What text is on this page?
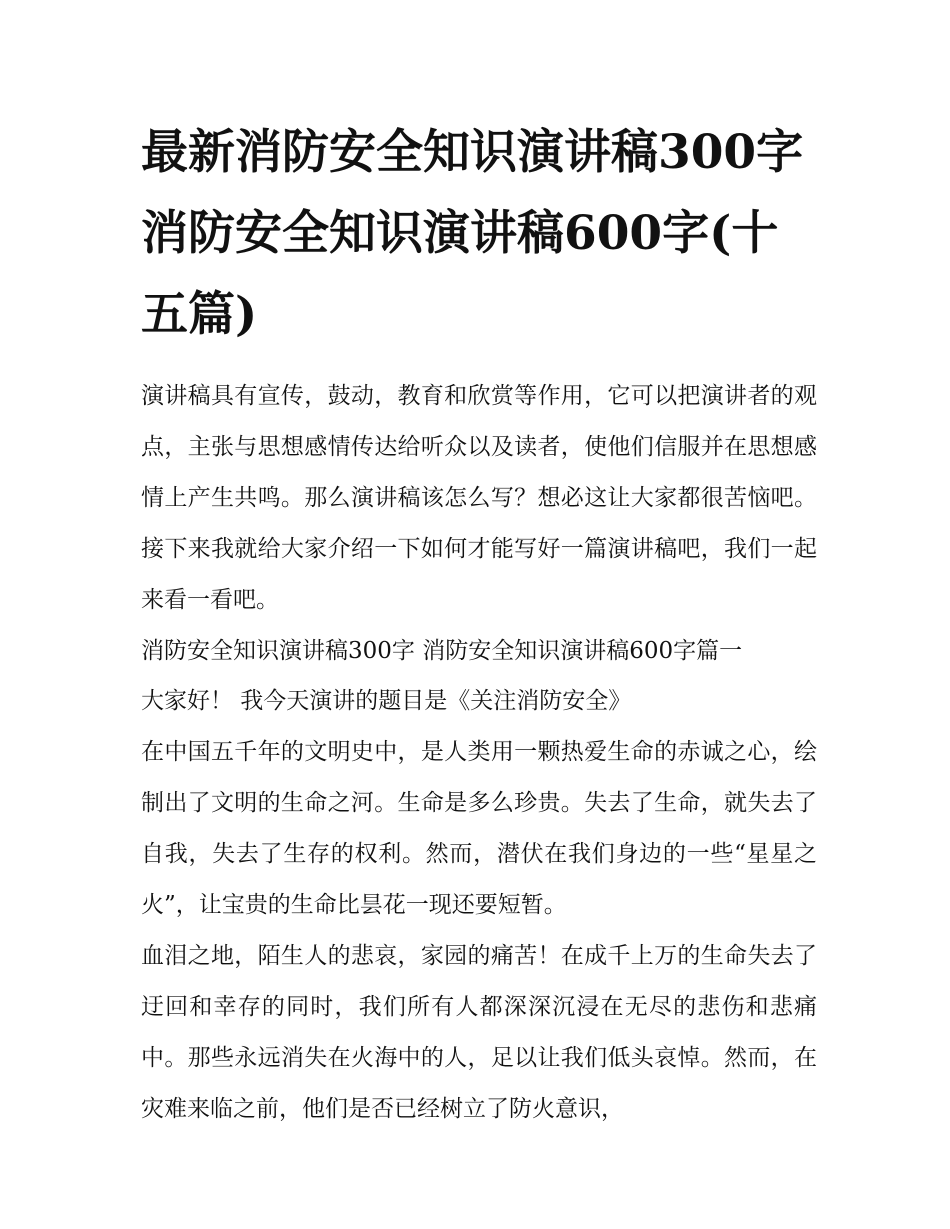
最新消防安全知识演讲稿300字 消防安全知识演讲稿600字(十五篇)

演讲稿具有宣传，鼓动，教育和欣赏等作用，它可以把演讲者的观点，主张与思想感情传达给听众以及读者，使他们信服并在思想感情上产生共鸣。那么演讲稿该怎么写？想必这让大家都很苦恼吧。接下来我就给大家介绍一下如何才能写好一篇演讲稿吧，我们一起来看一看吧。

消防安全知识演讲稿300字 消防安全知识演讲稿600字篇一

大家好！ 我今天演讲的题目是《关注消防安全》

在中国五千年的文明史中，是人类用一颗热爱生命的赤诚之心，绘制出了文明的生命之河。生命是多么珍贵。失去了生命，就失去了自我，失去了生存的权利。然而，潜伏在我们身边的一些“星星之火”，让宝贵的生命比昙花一现还要短暂。

血泪之地，陌生人的悲哀，家园的痛苦！在成千上万的生命失去了迂回和幸存的同时，我们所有人都深深沉浸在无尽的悲伤和悲痛中。那些永远消失在火海中的人，足以让我们低头哀悼。然而，在灾难来临之前，他们是否已经树立了防火意识，
